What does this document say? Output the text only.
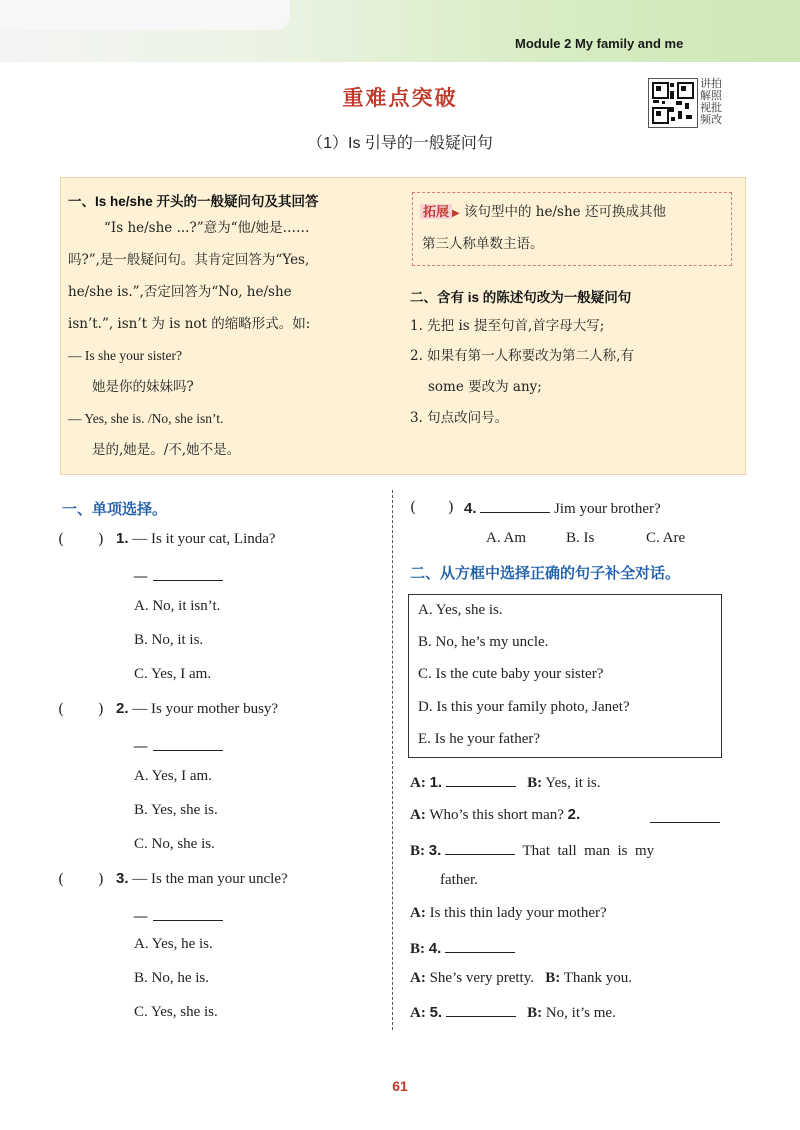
Module 2 My family and me
重难点突破
（1）Is 引导的一般疑问句
讲拍
解照
视批
频改
一、Is he/she 开头的一般疑问句及其回答
“Is he/she ...?”意为“他/她是……
吗?”,是一般疑问句。其肯定回答为“Yes,
he/she is.”,否定回答为“No, he/she
isn’t.”, isn’t 为 is not 的缩略形式。如:
— Is she your sister?
她是你的妹妹吗?
— Yes, she is. /No, she isn’t.
是的,她是。/不,她不是。
拓展 ▶ 该句型中的 he/she 还可换成其他
第三人称单数主语。
二、含有 is 的陈述句改为一般疑问句
1. 先把 is 提至句首,首字母大写;
2. 如果有第一人称要改为第二人称,有
some 要改为 any;
3. 句点改问号。
一、单项选择。
( ) 1. — Is it your cat, Linda?
—
A. No, it isn’t.
B. No, it is.
C. Yes, I am.
( ) 2. — Is your mother busy?
—
A. Yes, I am.
B. Yes, she is.
C. No, she is.
( ) 3. — Is the man your uncle?
—
A. Yes, he is.
B. No, he is.
C. Yes, she is.
( ) 4.	Jim your brother?
A. Am	B. Is	C. Are
二、从方框中选择正确的句子补全对话。
A. Yes, she is.
B. No, he’s my uncle.
C. Is the cute baby your sister?
D. Is this your family photo, Janet?
E. Is he your father?
A: 1.	B: Yes, it is.
A: Who’s this short man? 2.
B: 3.	That  tall  man  is  my
father.
A: Is this thin lady your mother?
B: 4.
A: She’s very pretty. B: Thank you.
A: 5.	B: No, it’s me.
61
